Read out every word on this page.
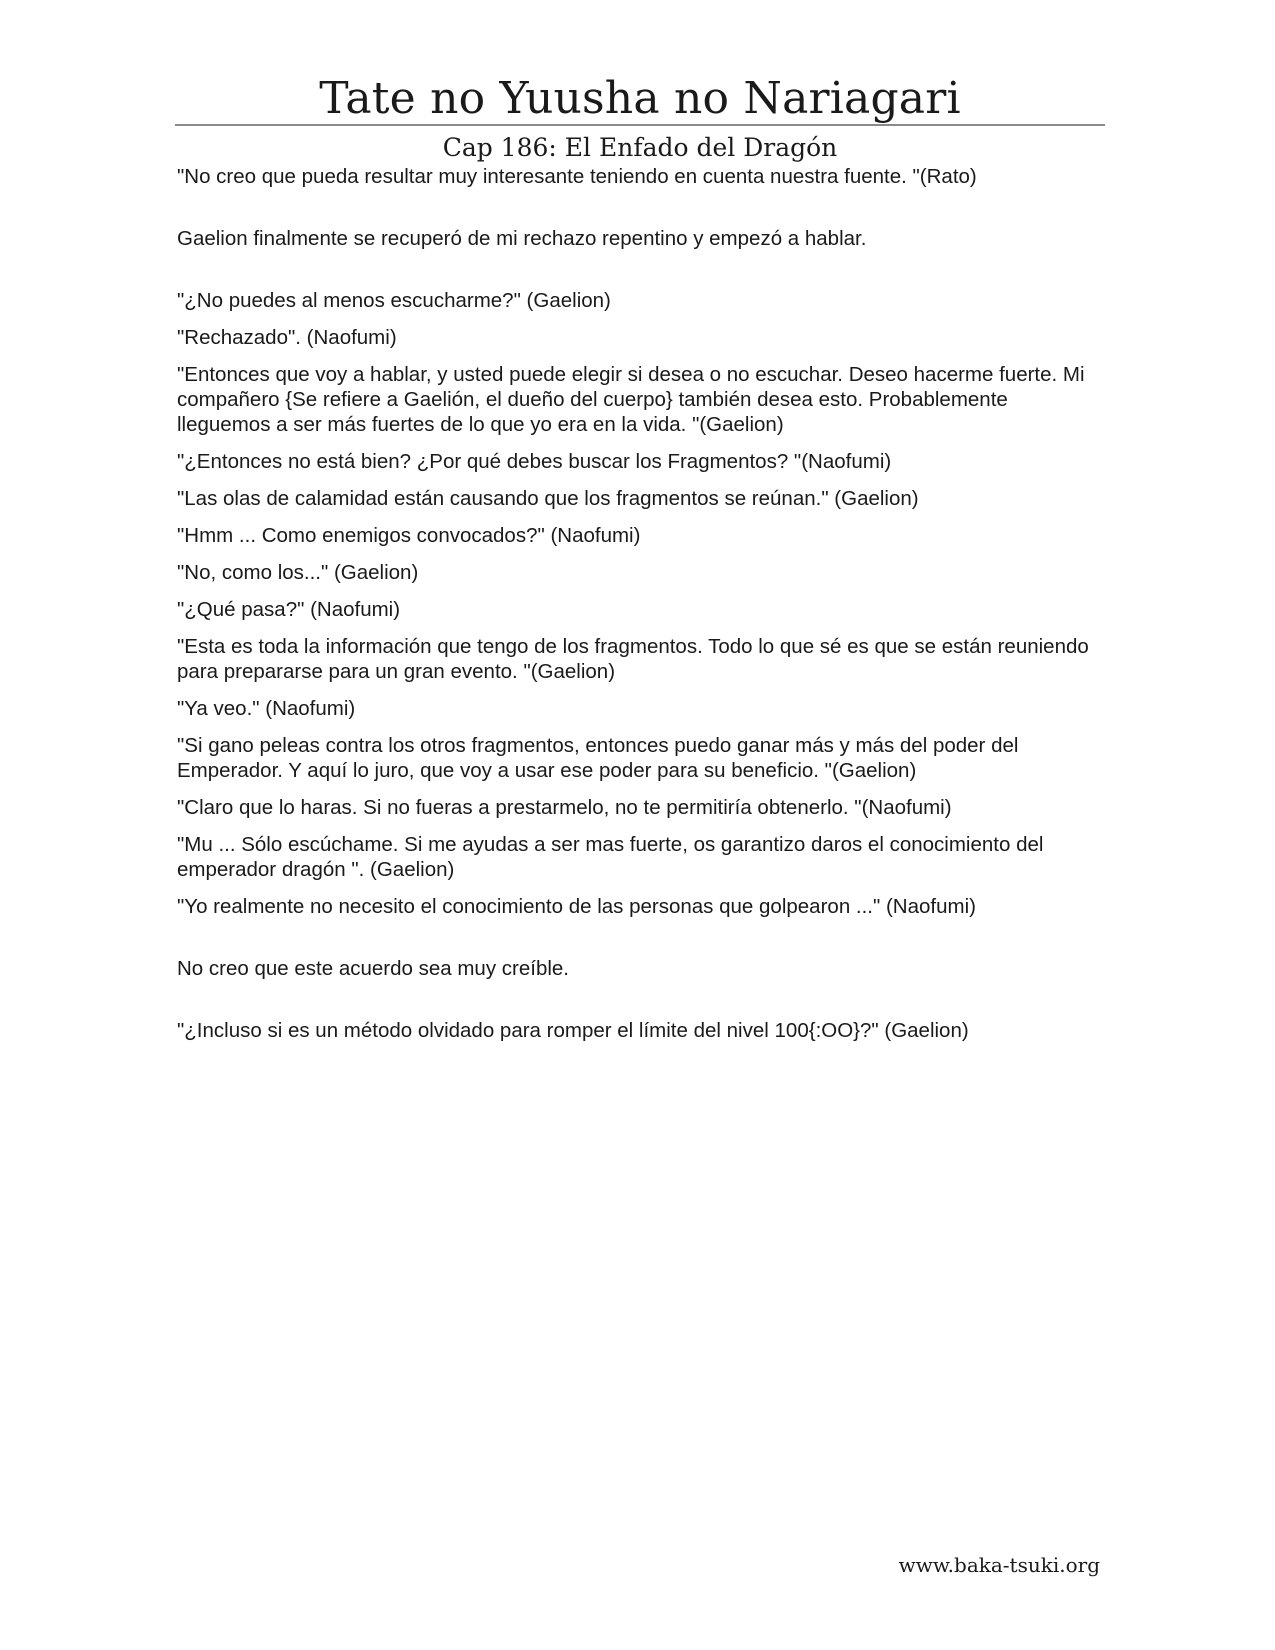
Tate no Yuusha no Nariagari
Cap 186: El Enfado del Dragón

"No creo que pueda resultar muy interesante teniendo en cuenta nuestra fuente. "(Rato)

Gaelion finalmente se recuperó de mi rechazo repentino y empezó a hablar.

"¿No puedes al menos escucharme?" (Gaelion)

"Rechazado". (Naofumi)

"Entonces que voy a hablar, y usted puede elegir si desea o no escuchar. Deseo hacerme fuerte. Mi compañero {Se refiere a Gaelión, el dueño del cuerpo} también desea esto. Probablemente lleguemos a ser más fuertes de lo que yo era en la vida. "(Gaelion)

"¿Entonces no está bien? ¿Por qué debes buscar los Fragmentos? "(Naofumi)

"Las olas de calamidad están causando que los fragmentos se reúnan." (Gaelion)

"Hmm ... Como enemigos convocados?" (Naofumi)

"No, como los..." (Gaelion)

"¿Qué pasa?" (Naofumi)

"Esta es toda la información que tengo de los fragmentos. Todo lo que sé es que se están reuniendo para prepararse para un gran evento. "(Gaelion)

"Ya veo." (Naofumi)

"Si gano peleas contra los otros fragmentos, entonces puedo ganar más y más del poder del Emperador. Y aquí lo juro, que voy a usar ese poder para su beneficio. "(Gaelion)

"Claro que lo haras. Si no fueras a prestarmelo, no te permitiría obtenerlo. "(Naofumi)

"Mu ... Sólo escúchame. Si me ayudas a ser mas fuerte, os garantizo daros el conocimiento del emperador dragón ". (Gaelion)

"Yo realmente no necesito el conocimiento de las personas que golpearon ..." (Naofumi)

No creo que este acuerdo sea muy creíble.

"¿Incluso si es un método olvidado para romper el límite del nivel 100{:OO}?" (Gaelion)

www.baka-tsuki.org
